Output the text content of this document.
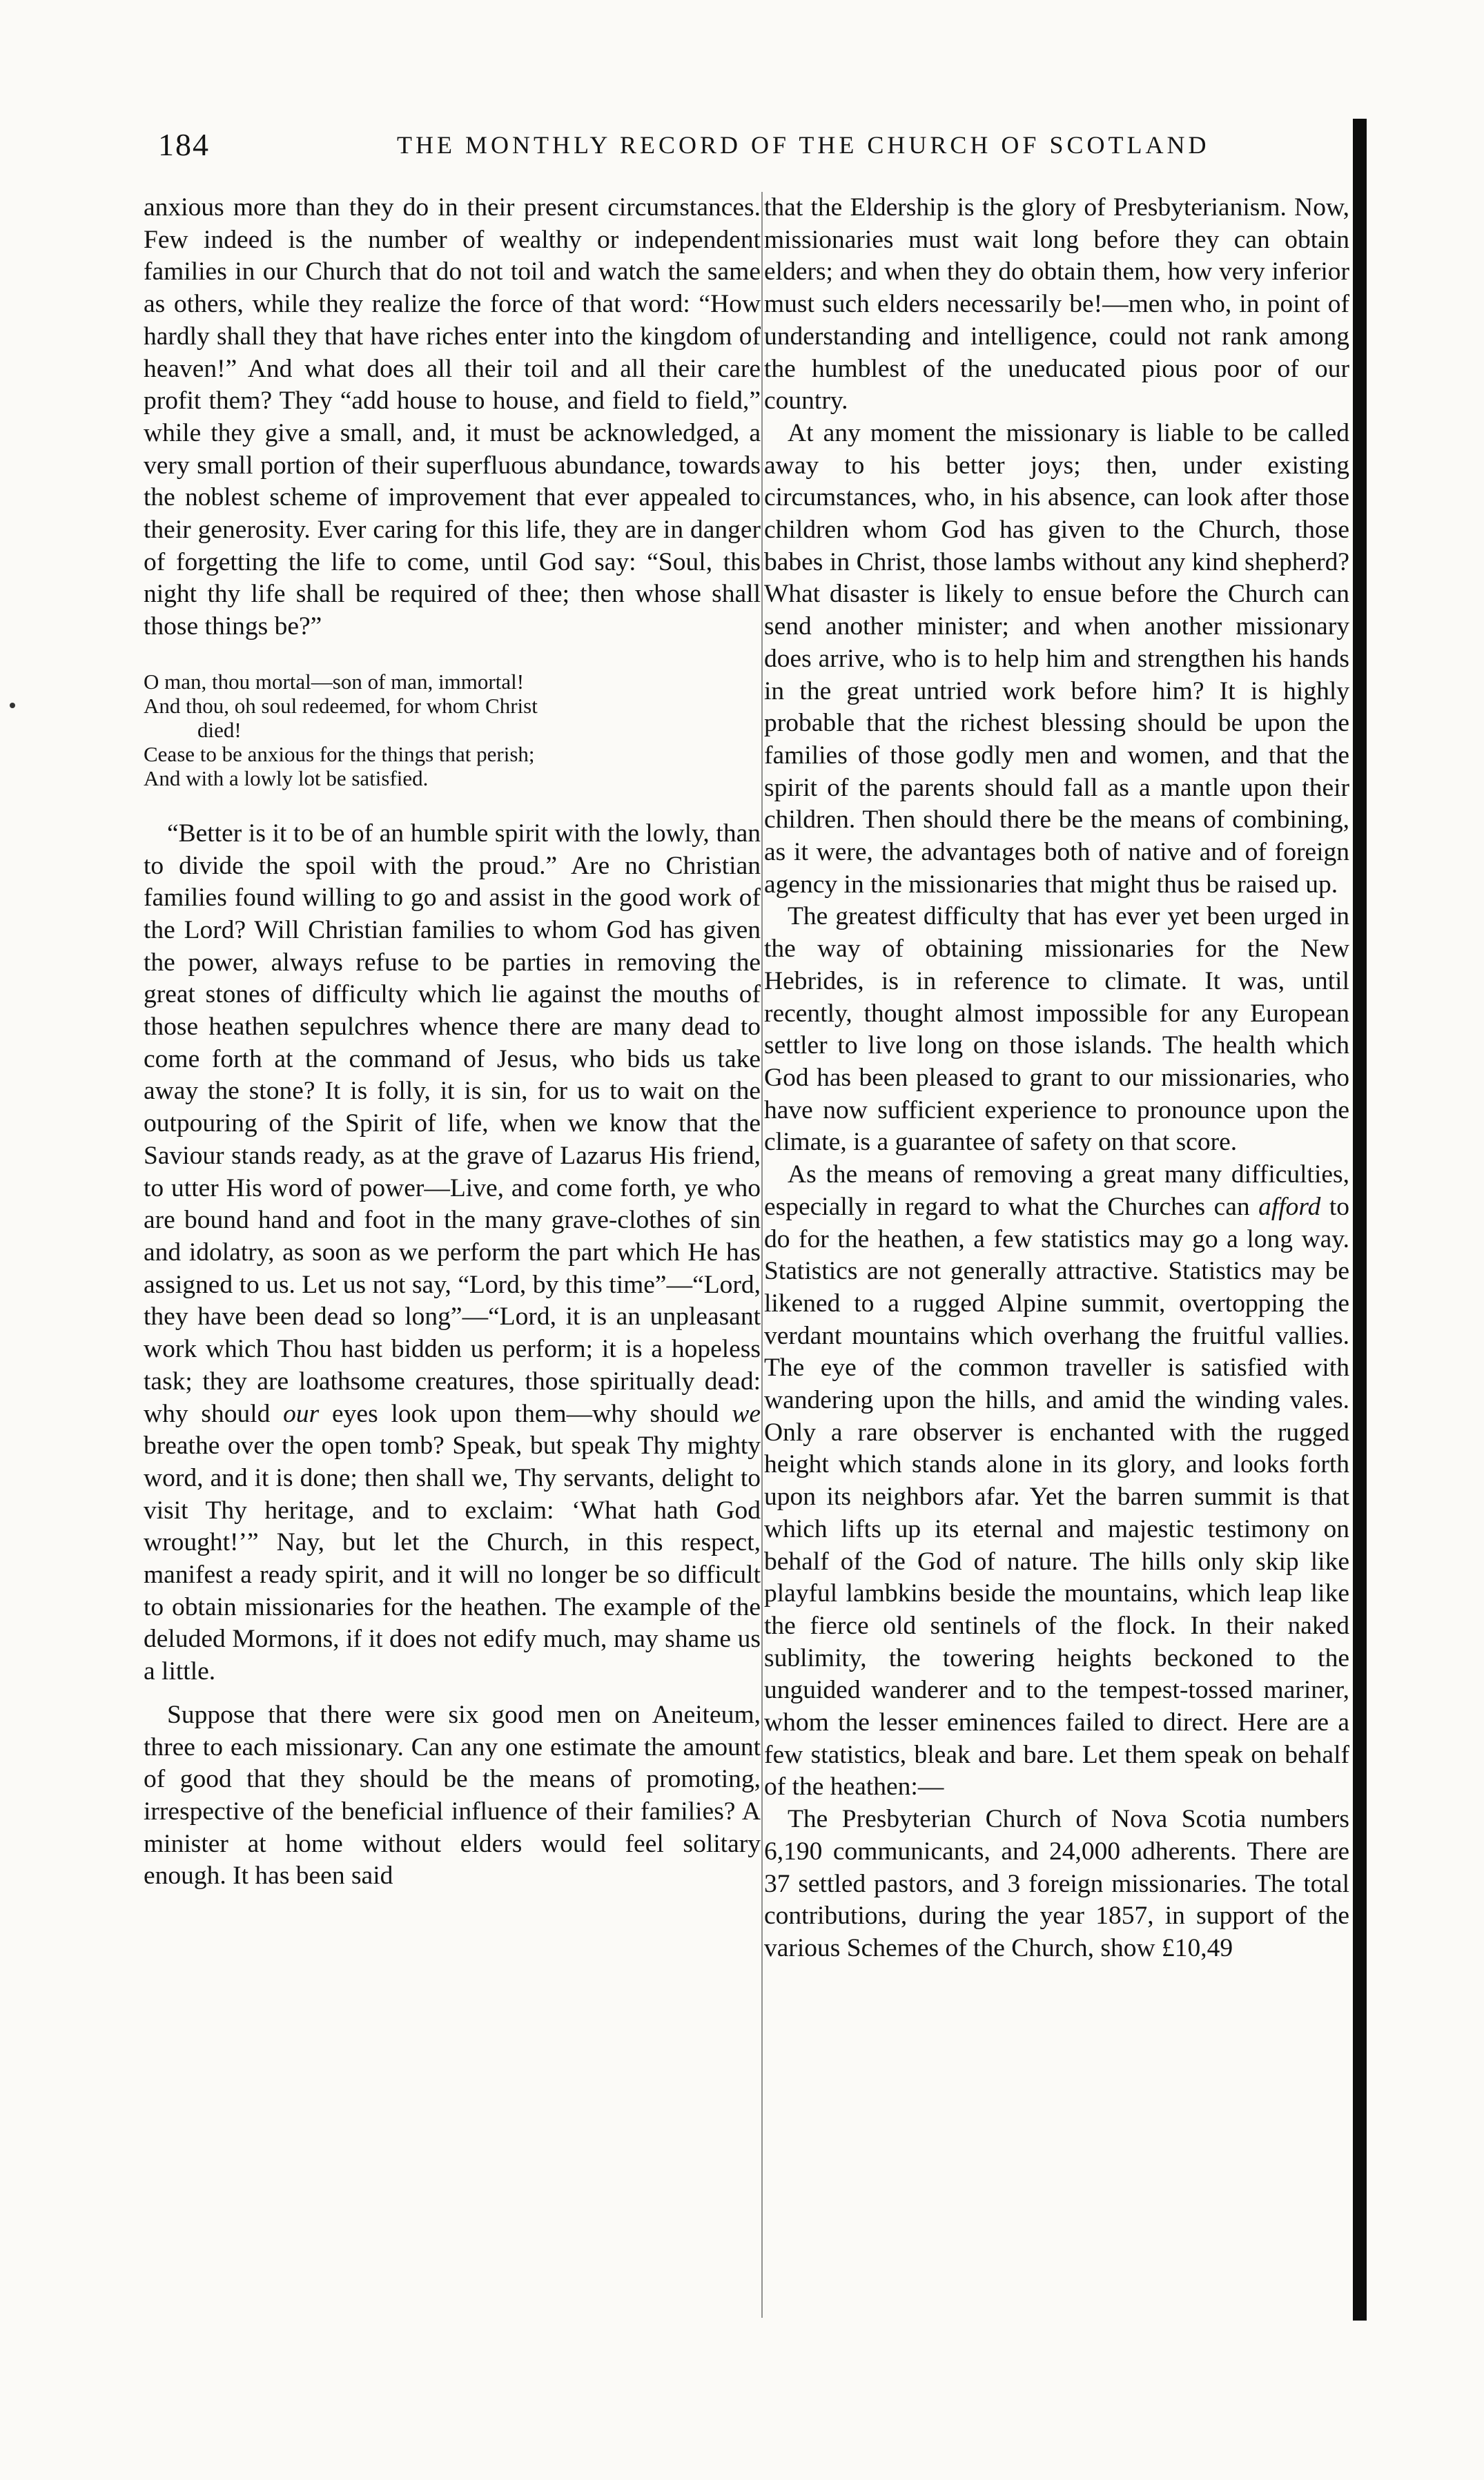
184	THE MONTHLY RECORD OF THE CHURCH OF SCOTLAND

anxious more than they do in their present circumstances. Few indeed is the number of wealthy or independent families in our Church that do not toil and watch the same as others, while they realize the force of that word: “How hardly shall they that have riches enter into the kingdom of heaven!” And what does all their toil and all their care profit them? They “add house to house, and field to field,” while they give a small, and, it must be acknowledged, a very small portion of their superfluous abundance, towards the noblest scheme of improvement that ever appealed to their generosity. Ever caring for this life, they are in danger of forgetting the life to come, until God say: “Soul, this night thy life shall be required of thee; then whose shall those things be?”

O man, thou mortal—son of man, immortal!
And thou, oh soul redeemed, for whom Christ
died!
Cease to be anxious for the things that perish;
And with a lowly lot be satisfied.

“Better is it to be of an humble spirit with the lowly, than to divide the spoil with the proud.” Are no Christian families found willing to go and assist in the good work of the Lord? Will Christian families to whom God has given the power, always refuse to be parties in removing the great stones of difficulty which lie against the mouths of those heathen sepulchres whence there are many dead to come forth at the command of Jesus, who bids us take away the stone? It is folly, it is sin, for us to wait on the outpouring of the Spirit of life, when we know that the Saviour stands ready, as at the grave of Lazarus His friend, to utter His word of power—Live, and come forth, ye who are bound hand and foot in the many grave-clothes of sin and idolatry, as soon as we perform the part which He has assigned to us. Let us not say, “Lord, by this time”—“Lord, they have been dead so long”—“Lord, it is an unpleasant work which Thou hast bidden us perform; it is a hopeless task; they are loathsome creatures, those spiritually dead: why should our eyes look upon them—why should we breathe over the open tomb? Speak, but speak Thy mighty word, and it is done; then shall we, Thy servants, delight to visit Thy heritage, and to exclaim: ‘What hath God wrought!’” Nay, but let the Church, in this respect, manifest a ready spirit, and it will no longer be so difficult to obtain missionaries for the heathen. The example of the deluded Mormons, if it does not edify much, may shame us a little.

Suppose that there were six good men on Aneiteum, three to each missionary. Can any one estimate the amount of good that they should be the means of promoting, irrespective of the beneficial influence of their families? A minister at home without elders would feel solitary enough. It has been said

that the Eldership is the glory of Presbyterianism. Now, missionaries must wait long before they can obtain elders; and when they do obtain them, how very inferior must such elders necessarily be!—men who, in point of understanding and intelligence, could not rank among the humblest of the uneducated pious poor of our country.

At any moment the missionary is liable to be called away to his better joys; then, under existing circumstances, who, in his absence, can look after those children whom God has given to the Church, those babes in Christ, those lambs without any kind shepherd? What disaster is likely to ensue before the Church can send another minister; and when another missionary does arrive, who is to help him and strengthen his hands in the great untried work before him? It is highly probable that the richest blessing should be upon the families of those godly men and women, and that the spirit of the parents should fall as a mantle upon their children. Then should there be the means of combining, as it were, the advantages both of native and of foreign agency in the missionaries that might thus be raised up.

The greatest difficulty that has ever yet been urged in the way of obtaining missionaries for the New Hebrides, is in reference to climate. It was, until recently, thought almost impossible for any European settler to live long on those islands. The health which God has been pleased to grant to our missionaries, who have now sufficient experience to pronounce upon the climate, is a guarantee of safety on that score.

As the means of removing a great many difficulties, especially in regard to what the Churches can afford to do for the heathen, a few statistics may go a long way. Statistics are not generally attractive. Statistics may be likened to a rugged Alpine summit, overtopping the verdant mountains which overhang the fruitful vallies. The eye of the common traveller is satisfied with wandering upon the hills, and amid the winding vales. Only a rare observer is enchanted with the rugged height which stands alone in its glory, and looks forth upon its neighbors afar. Yet the barren summit is that which lifts up its eternal and majestic testimony on behalf of the God of nature. The hills only skip like playful lambkins beside the mountains, which leap like the fierce old sentinels of the flock. In their naked sublimity, the towering heights beckoned to the unguided wanderer and to the tempest-tossed mariner, whom the lesser eminences failed to direct. Here are a few statistics, bleak and bare. Let them speak on behalf of the heathen:—

The Presbyterian Church of Nova Scotia numbers 6,190 communicants, and 24,000 adherents. There are 37 settled pastors, and 3 foreign missionaries. The total contributions, during the year 1857, in support of the various Schemes of the Church, show £10,49
